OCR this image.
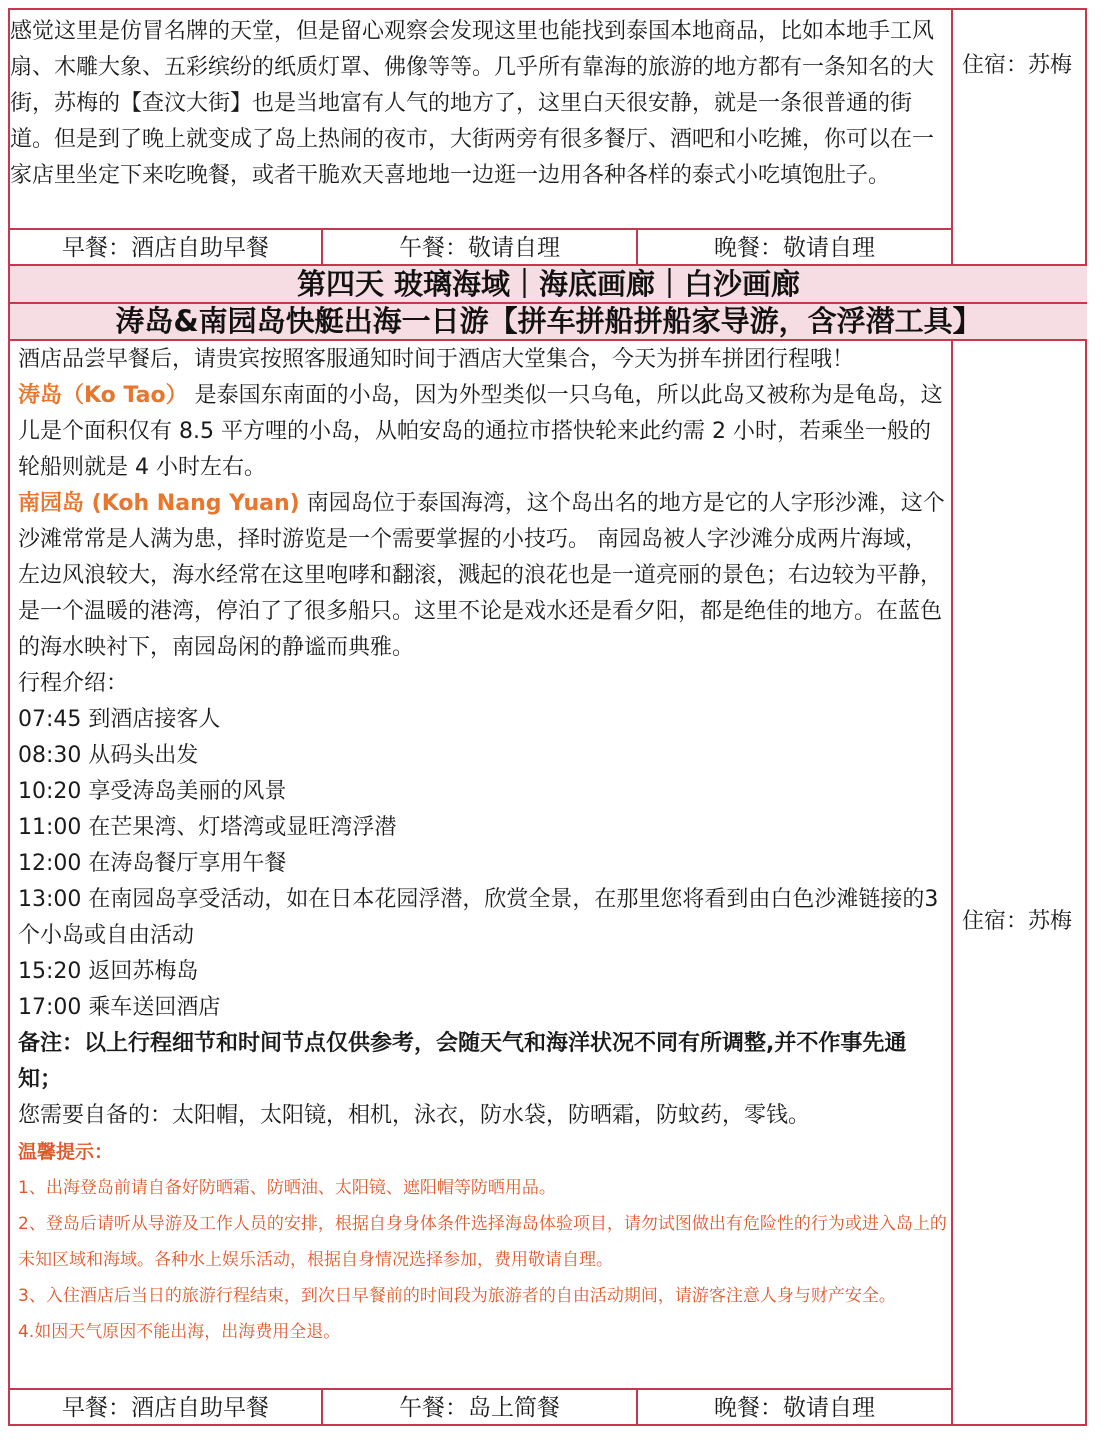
感觉这里是仿冒名牌的天堂，但是留心观察会发现这里也能找到泰国本地商品，比如本地手工风扇、木雕大象、五彩缤纷的纸质灯罩、佛像等等。几乎所有靠海的旅游的地方都有一条知名的大街，苏梅的【查汶大街】也是当地富有人气的地方了，这里白天很安静，就是一条很普通的街道。但是到了晚上就变成了岛上热闹的夜市，大街两旁有很多餐厅、酒吧和小吃摊，你可以在一家店里坐定下来吃晚餐，或者干脆欢天喜地地一边逛一边用各种各样的泰式小吃填饱肚子。
住宿：苏梅
早餐：酒店自助早餐	午餐：敬请自理	晚餐：敬请自理
第四天 玻璃海域｜海底画廊｜白沙画廊
涛岛&南园岛快艇出海一日游【拼车拼船拼船家导游，含浮潜工具】

酒店品尝早餐后，请贵宾按照客服通知时间于酒店大堂集合，今天为拼车拼团行程哦！

涛岛（Ko Tao） 是泰国东南面的小岛，因为外型类似一只乌龟，所以此岛又被称为是龟岛，这儿是个面积仅有 8.5 平方哩的小岛，从帕安岛的通拉市搭快轮来此约需 2 小时，若乘坐一般的轮船则就是 4 小时左右。

南园岛 (Koh Nang Yuan) 南园岛位于泰国海湾，这个岛出名的地方是它的人字形沙滩，这个沙滩常常是人满为患，择时游览是一个需要掌握的小技巧。 南园岛被人字沙滩分成两片海域，左边风浪较大，海水经常在这里咆哮和翻滚，溅起的浪花也是一道亮丽的景色；右边较为平静，是一个温暖的港湾，停泊了了很多船只。这里不论是戏水还是看夕阳，都是绝佳的地方。在蓝色的海水映衬下，南园岛闲的静谧而典雅。

行程介绍：

07:45 到酒店接客人

08:30 从码头出发

10:20 享受涛岛美丽的风景

11:00 在芒果湾、灯塔湾或显旺湾浮潜

12:00 在涛岛餐厅享用午餐

13:00 在南园岛享受活动，如在日本花园浮潜，欣赏全景，在那里您将看到由白色沙滩链接的3个小岛或自由活动

15:20 返回苏梅岛

17:00 乘车送回酒店

备注：以上行程细节和时间节点仅供参考，会随天气和海洋状况不同有所调整,并不作事先通知；

您需要自备的：太阳帽，太阳镜，相机，泳衣，防水袋，防晒霜，防蚊药，零钱。

温馨提示：

1、出海登岛前请自备好防晒霜、防晒油、太阳镜、遮阳帽等防晒用品。

2、登岛后请听从导游及工作人员的安排，根据自身身体条件选择海岛体验项目，请勿试图做出有危险性的行为或进入岛上的未知区域和海域。各种水上娱乐活动，根据自身情况选择参加，费用敬请自理。

3、入住酒店后当日的旅游行程结束，到次日早餐前的时间段为旅游者的自由活动期间，请游客注意人身与财产安全。

4.如因天气原因不能出海，出海费用全退。

住宿：苏梅
早餐：酒店自助早餐	午餐：岛上简餐	晚餐：敬请自理
